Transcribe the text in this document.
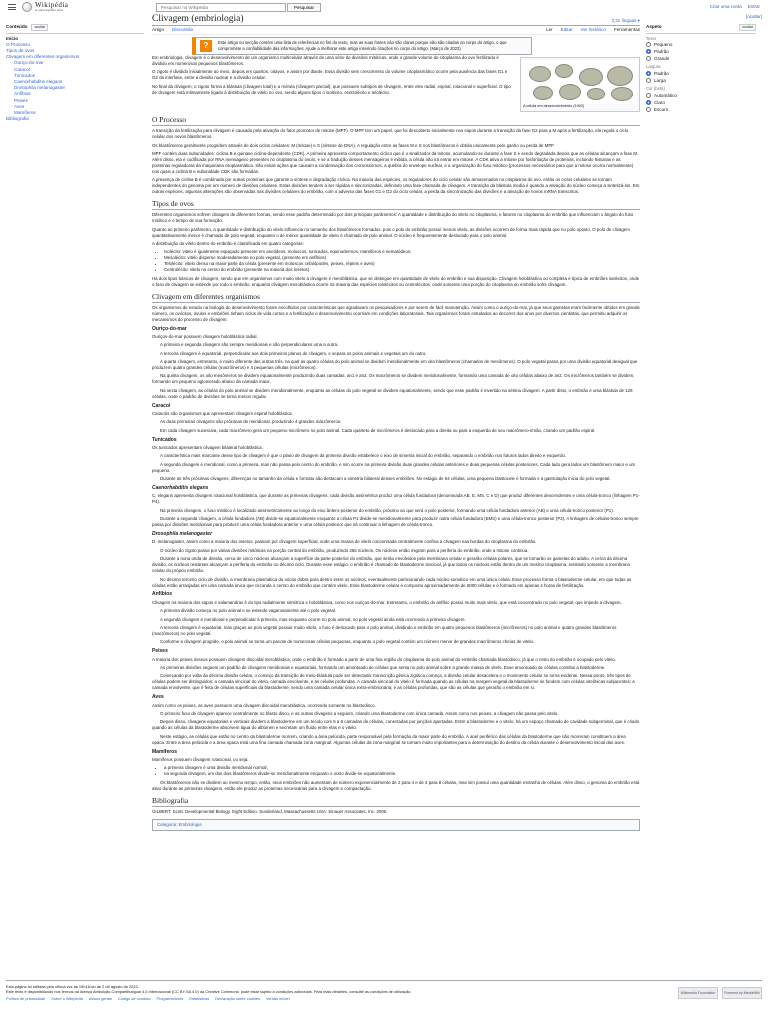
Wikipédia
A enciclopédia livre
Pesquisar na Wikipédia
Pesquisar	Criar uma conta Entrar
[ocultar]
Conteúdo	ocultar
Início
O Processo
Tipos de ovos
Clivagem em diferentes organismos
Ouriço-do-mar
Caracol
Tunicados
Caenorhabditis elegans
Drosophila melanogaster
Anfíbios
Peixes
Aves
Mamíferos
Bibliografia
Aspeto	ocultar
Texto
Pequeno
Padrão
Grande
Largura
Padrão
Larga
Cor (beta)
Automático
Claro
Escuro
Clivagem (embriologia)	文31 línguas ▾
Artigo Discussão	Ler Editar Ver histórico Ferramentas
?	Este artigo ou secção contém uma lista de referências no fim do texto, mas as suas fontes não são claras porque não são citadas no corpo do artigo, o que compromete a confiabilidade das informações. Ajude a melhorar este artigo inserindo citações no corpo do artigo. (Março de 2023)
A célula em desenvolvimento (1902)

Em embriologia, clivagem é o desenvolvimento de um organismo multicelular através de uma série de divisões mitóticas, onde o grande volume de citoplasma do ovo fertilizado é dividido em numerosos pequenos blastômeros.

O zigoto é dividido inicialmente ao meio, depois em quartos, oitavos, e assim por diante. Essa divisão sem crescimento do volume citoplasmático ocorre pela ausência das fases G1 e G2 da interfase, entre a divisão nuclear e a divisão celular.

No final da clivagem, o zigoto forma a blástula (clivagem total) e a mórula (clivagem parcial), que possuem subtipos de clivagem, entre eles radial, espiral, rotacional e superficial. O tipo de clivagem está intimamente ligado à distribuição de vitelo no ovo, sendo alguns tipos o isolécito, centrolécito e telolécito.

O Processo

A transição da fertilização para clivagem é causada pela ativação do fator promotor de mitose (MPF). O MPF tem um papel, que foi descoberto inicialmente nos sapos durante a transição da fase G2 para a M após a fertilização, ela regula o ciclo celular dos novos blastômeros.

Os blastômeros geralmente progridem através de dois ciclos celulares: M (mitose) e S (síntese de DNA). A regulação entre as fases M e S nos blastômeros é obtida unicamente pelo ganho ou perda de MPF.

MPF contém duas subunidades: ciclina B e quinase ciclina-dependente (CDK). A primeira apresenta comportamento cíclico que é o sinalizador da mitose, acumulando-se durante a fase S e sendo degradada depois que as células alcançam a fase M. Além disso, ela é codificada por RNA mensageiro presentes no citoplasma do óvulo, e se a tradução desses mensageiros é inibida, a célula não irá entrar em mitose. A CDK ativa a mitose por fosforilação de proteínas, incluindo histonas e as proteínas reguladoras da maquinaria citoplasmática. São essas ações que causam a condensação dos cromossomos, a quebra do envelope nuclear, e a organização do fuso mitótico (processos necessários para que a mitose ocorra normalmente) nos quais a ciclina B e subunidade CDK são formadas.

A presença de ciclina B é combinada por outras proteínas que garante a síntese e degradação cíclica. Na maioria das espécies, os reguladores do ciclo celular são armazenados no citoplasma do ovo, então os ciclos celulares se tornam independentes do genoma por um número de divisões celulares. Estas divisões tendem a ser rápidas e sincronizadas, definindo uma fase chamada de clivagem. A transição da blástula media é quando a ativação do núcleo começa a sintetizá-los. Em outras espécies, algumas alterações são observadas nas divisões celulares do embrião, com o advento das fases G1 e G2 do ciclo celular, a perda da sincronização das divisões e a ativação de novos mRNA transcritos.

Tipos de ovos

Diferentes organismos sofrem clivagem de diferentes formas, sendo esse padrão determinado por dois principais parâmetros: A quantidade e distribuição do vitelo no citoplasma, e fatores no citoplasma do embrião que influenciam o ângulo do fuso mitótico e o tempo de sua formação.

Quanto ao primeiro parâmetro, a quantidade e distribuição do vitelo influencia no tamanho dos blastômeros formados, pois o polo do embrião possuí menos vitelo, as divisões ocorrem de forma mais rápida que no polo oposto. O polo de clivagem quantitativamente menor é chamado de polo vegetal, enquanto o de menor quantidade de vitelo é chamado de polo animal. O núcleo é frequentemente deslocado para o polo animal.

A distribuição do vitelo dentro do embrião é classificada em quatro categorias:

• Isolécito: vitelo é igualmente espaçado presente em anelídeos, moluscos, tunicados, equinodermos, mamíferos e nematódeos;
• Mesolécito: vitelo disperso moderadamente no polo vegetal, (presente em anfíbios)
• Telolécito: vitelo denso na maior parte da célula (presente em moluscos cefalópodes, peixes, répteis e aves)
• Centrolécito: vitelo no centro do embrião (presente na maioria dos insetos)

Há dois tipos básicos de clivagem, sendo que em organismos com muito vitelo a clivagem é meroblástica, que se distingue em quantidade de vitelo do embrião e sua disposição. Clivagem holoblástica ou completa é típica de embriões isolécitos, onde o fuso de clivagem se estende por todo o embrião, enquanto clivagem meroblástica ocorre na maioria das espécies telolécitos ou centrolécitos, onde somente uma porção do citoplasma do embrião sofre clivagem.

Clivagem em diferentes organismos

Os organismos de estudo na biologia do desenvolvimento foram escolhidos por características que agradavam os pesquisadores e por serem de fácil manutenção. Assim como o ouriço-do-mar, já que seus gametas eram facilmente obtidos em grande número, os ovócitos, óvulos e embriões tinham ciclos de vida curtos e a fertilização e desenvolvimento ocorriam em condições laboratoriais. Tais organismos foram estudados ao decorrer dos anos por diversos cientistas, que permitiu adquirir os mecanismos do processo de clivagem.

Ouriço-do-mar

Ouriços-do-mar possuem clivagem holoblástica radial.

A primeira e segunda clivagem são sempre meridionais e são perpendiculares uma a outra.

A terceira clivagem é equatorial, perpendicular aos dois primeiros planos de clivagem, e separa os polos animais e vegetais um do outro.

A quarta clivagem, entretanto, é muito diferente das outras três, na qual as quatro células do polo animal se dividem meridionalmente em oito blastômeros (chamados de mesômeros). O polo vegetal passa por uma divisão equatorial desigual que produzem quatro grandes células (macrômeros) e 4 pequenas células (micrômeros).

Na quinta clivagem, os oito mesômeros se dividem equatorialmente produzindo duas camadas, an1 e an2. Os macrômeros se dividem meridionalmente, formando uma camada de oito células abaixo de an2. Os micrômeros também se dividem, formando um pequeno aglomerado abaixo da camada maior.

Na sexta clivagem, as células do polo animal se dividem meridionalmente, enquanto as células do polo vegetal se dividem equatorialmente, sendo que esse padrão é invertido na sétima clivagem. A partir disto, o embrião é uma blástula de 128 células, onde o padrão de divisões se torna menos regular.

Caracol

Caracóis são organismos que apresentam clivagem espiral holoblástica.

As duas primeiras clivagens são próximas de meridional, produzindo 4 grandes macrômeros.

Em cada clivagem sucessiva, cada macrômero gera um pequeno micrômero no polo animal. Cada quarteto de micrômeros é deslocado para a direita ou para a esquerda de seu macrômero-irmão, criando um padrão espiral.

Tunicados

Os tunicados apresentam clivagem bilateral holoblástica.

A característica mais marcante desse tipo de clivagem é que o plano de clivagem da primeira divisão estabelece o eixo de simetria inicial do embrião, separando o embrião nos futuros lados direito e esquerdo.

A segunda clivagem é meridional, como a primeira, mas não passa pelo centro do embrião, e sim ocorre na primeira divisão duas grandes células anteriores e duas pequenas células posteriores. Cada lado gera lados um blastômero maior e um pequeno.

Durante as três próximas clivagens, diferenças no tamanho da célula e formato são destacam a simetria bilateral desses embriões. No estágio de 64 células, uma pequena blastocele é formada e a gastrulação inicia do polo vegetal.

Caenorhabditis elegans

C. elegans apresenta clivagem rotacional holoblástica, que durante as primeiras clivagens, cada divisão assimétrica produz uma célula fundadora (denominada AB, E, MS, C e D) que produz diferentes descendentes e uma célula-tronco (linhagem P1-P4).

Na primeira clivagem, o fuso mitótico é localizado assimetricamente ao longo do eixo ântero-posterior do embrião, próximo ao que será o polo posterior, formando uma célula fundadora anterior (AB) e uma célula-tronco posterior (P1).

Durante a segunda clivagem, a célula fundadora (AB) divide-se equatorialmente enquanto a célula P1 divide-se meridionalmente para produzir outra célula fundadora (EMS) e uma célula-tronco posterior (P2). A linhagem de células-tronco sempre passa por divisões meridionais para produzir uma célula fundadora anterior e uma célula posterior que irá continuar a linhagem de célula-tronco.

Drosophila melanogaster

D. melanogaster, assim como a maioria dos insetos, passam por clivagem superficial, onde uma massa de vitelo concentrada centralmente confina a clivagem nas bordas do citoplasma do embrião.

O núcleo do zigoto passa por várias divisões mitóticas na porção central do embrião, produzindo 256 núcleos. Os núcleos então migram para a periferia do embrião, onde a mitose continua.

Durante a nona onda de divisão, cerca de cinco núcleos alcançam a superfície da parte posterior do embrião, que serão envolvidos pela membrana celular e gerarão células polares, que se tornarão os gametas do adulto. A cerca da décima divisão, os núcleos restantes alcançam a periferia do embrião no décimo ciclo. Durante esse estágio, o embrião é chamado de blastoderme sincicial, já que todos os núcleos estão dentro de um mesmo citoplasma, existindo somente a membrana celular do próprio embrião.

No décimo terceiro ciclo de divisão, a membrana plasmática do oócito dobra para dentro entre os núcleos, eventualmente particionando cada núcleo somático em uma única célula. Esse processo forma o blastoderme celular, em que todas as células estão arranjadas em uma camada única que circunda o centro do embrião que contém vitelo. Esse blastoderme celular é composto aproximadamente de 6000 células e é formado em apenas 4 horas de fertilização.

Anfíbios

Clivagem na maioria dos sapos e salamandras é do tipo radialmente simétrica e holoblástica, como nos ouriços-do-mar. Entretanto, o embrião do anfíbio possui muito mais vitelo, que está concentrado no polo vegetal, que impede a clivagem.

A primeira divisão começa no polo animal e se estende vagarosamente até o polo vegetal.

A segunda clivagem é meridional e perpendicular à primeira, mas enquanto ocorre no polo animal, no polo vegetal ainda está ocorrendo a primeira clivagem.

A terceira clivagem é equatorial, mas graças ao polo vegetal possuir muito vitelo, o fuso é deslocado para o polo animal, dividindo o embrião em quatro pequenos blastômeros (micrômeros) no polo animal e quatro grandes blastômeros (macrômeros) no polo vegetal.

Conforme a clivagem progride, o polo animal se torna um pacote de numerosas células pequenas, enquanto o polo vegetal contém um número menor de grandes macrômeros cheios de vitelo.

Peixes

A maioria dos peixes ósseos possuem clivagem discoidal meroblástica, onde o embrião é formado a partir de uma fina região do citoplasma do polo animal do embrião chamada blastodisco, já que o resto do embrião é ocupado pelo vitelo.

As primeiras divisões seguem um padrão de clivagens meridionais e equatoriais, formando um amontoado de células que senta no polo animal sobre a grande massa de vitelo. Esse amontoado de células constitui a blastoderme.

Começando por volta da décima divisão celular, o começo da transição de meio-blástula pode ser detectada: transcrição gênica zigótica começa, a divisão celular desacelera e o movimento celular se torna evidente. Nessa ponto, três tipos de células podem ser distinguidos: a camada sincicial do vitelo, camada envolvente, e as células profundas. A camada sincicial do vitelo é formada quando as células na margem vegetal da blastoderme se fundem com células vitelínicas subjacentes; a camada envolvente, que é feita de células superficiais da blastoderme, sendo uma camada celular única extra-embrionária; e as células profundas, que são as células que gerarão o embrião em si.

Aves

Assim como os peixes, as aves possuem uma clivagem discoidal meroblástica, ocorrendo somente no blastodisco.

O primeiro fuso de clivagem aparece centralmente no blasto disco, e as outras clivagens a seguem, criando uma blastoderme com única camada. Assim como nos peixes, a clivagem não passa pelo vitelo.

Depois disso, clivagens equatoriais e verticais dividem a blastoderme em um tecido com 5 a 6 camadas de células, conectadas por junções apertadas. Entre a blastoderme e o vitelo, há um espaço chamado de cavidade subgerminal, que é criado quando as células da blastoderme absorvem água do albúmen e secretam um fluido entre elas e o vitelo.

Neste estágio, as células que estão no centro da blastoderme morrem, criando a área pelúcida, parte responsável pela formação da maior parte do embrião. A anel periférico das células da blastoderme que não morreram constituem a área opaca. Entre a área pelúcida e a área opaca está uma fina camada chamada zona marginal. Algumas células da zona marginal se tornam muito importantes para a determinação do destino da célula durante o desenvolvimento inicial das aves.

Mamíferos

Mamíferos possuem clivagem rotacional, ou seja:

• a primeira clivagem é uma divisão meridional normal;
• na segunda clivagem, um dos dois blastômeros divide-se meridionalmente enquanto o outro divide-se equatorialmente.

Os blastômeros não se dividem ao mesmo tempo, então, seus embriões não aumentam de número exponencialmente de 2 para 4 e de 4 para 8 células, mas sim possuí uma quantidade estranha de células. Além disso, o genoma do embrião está ativo durante as primeiras clivagens, então ele produz as proteínas necessárias para a clivagem e compactação.

Bibliografia

GILBERT, Scott. Developmental Biology. Eight Edition. Sunderland, Massachussetts USA: Sinauer Associates, Inc. 2006.

Categoria: Embriologia
Esta página foi editada pela última vez às 10h11min de 2 de agosto de 2023.
Este texto é disponibilizado nos termos da licença Atribuição-CompartilhaIgual 4.0 Internacional (CC BY-SA 4.0) da Creative Commons; pode estar sujeito a condições adicionais. Para mais detalhes, consulte as condições de utilização.
Política de privacidade Sobre a Wikipédia Avisos gerais Código de conduta Programadores Estatísticas Declaração sobre cookies Versão móvel
Wikimedia Foundation	Powered by MediaWiki
